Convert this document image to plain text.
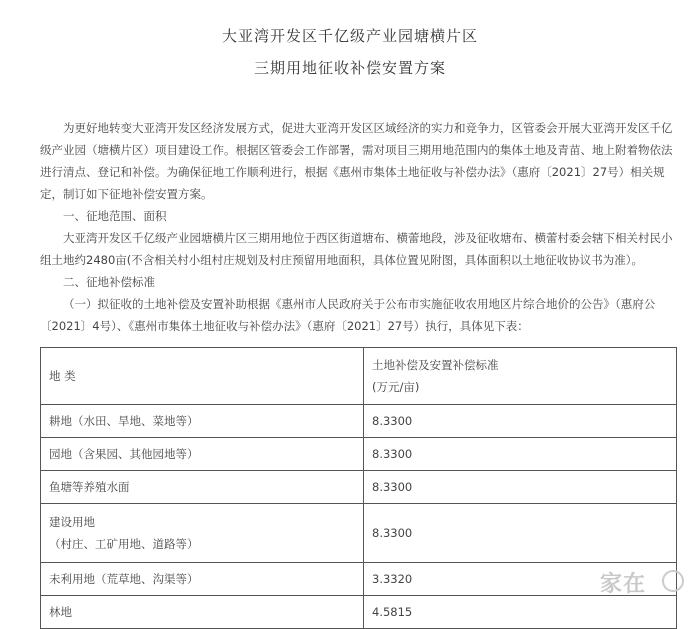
大亚湾开发区千亿级产业园塘横片区
三期用地征收补偿安置方案
为更好地转变大亚湾开发区经济发展方式，促进大亚湾开发区区域经济的实力和竞争力，区管委会开展大亚湾开发区千亿级产业园（塘横片区）项目建设工作。根据区管委会工作部署，需对项目三期用地范围内的集体土地及青苗、地上附着物依法进行清点、登记和补偿。为确保征地工作顺利进行，根据《惠州市集体土地征收与补偿办法》（惠府〔2021〕27号）相关规定，制订如下征地补偿安置方案。
一、征地范围、面积
大亚湾开发区千亿级产业园塘横片区三期用地位于西区街道塘布、横蕾地段，涉及征收塘布、横蕾村委会辖下相关村民小组土地约2480亩(不含相关村小组村庄规划及村庄预留用地面积，具体位置见附图，具体面积以土地征收协议书为准）。
二、征地补偿标准
（一）拟征收的土地补偿及安置补助根据《惠州市人民政府关于公布市实施征收农用地区片综合地价的公告》（惠府公〔2021〕4号）、《惠州市集体土地征收与补偿办法》（惠府〔2021〕27号）执行，具体见下表：
地 类	土地补偿及安置补偿标准
(万元/亩)

耕地（水田、旱地、菜地等）	8.3300
园地（含果园、其他园地等）	8.3300
鱼塘等养殖水面	8.3300

建设用地
（村庄、工矿用地、道路等）	8.3300
未利用地（荒草地、沟渠等）	3.3320
林地	4.5815
家在
